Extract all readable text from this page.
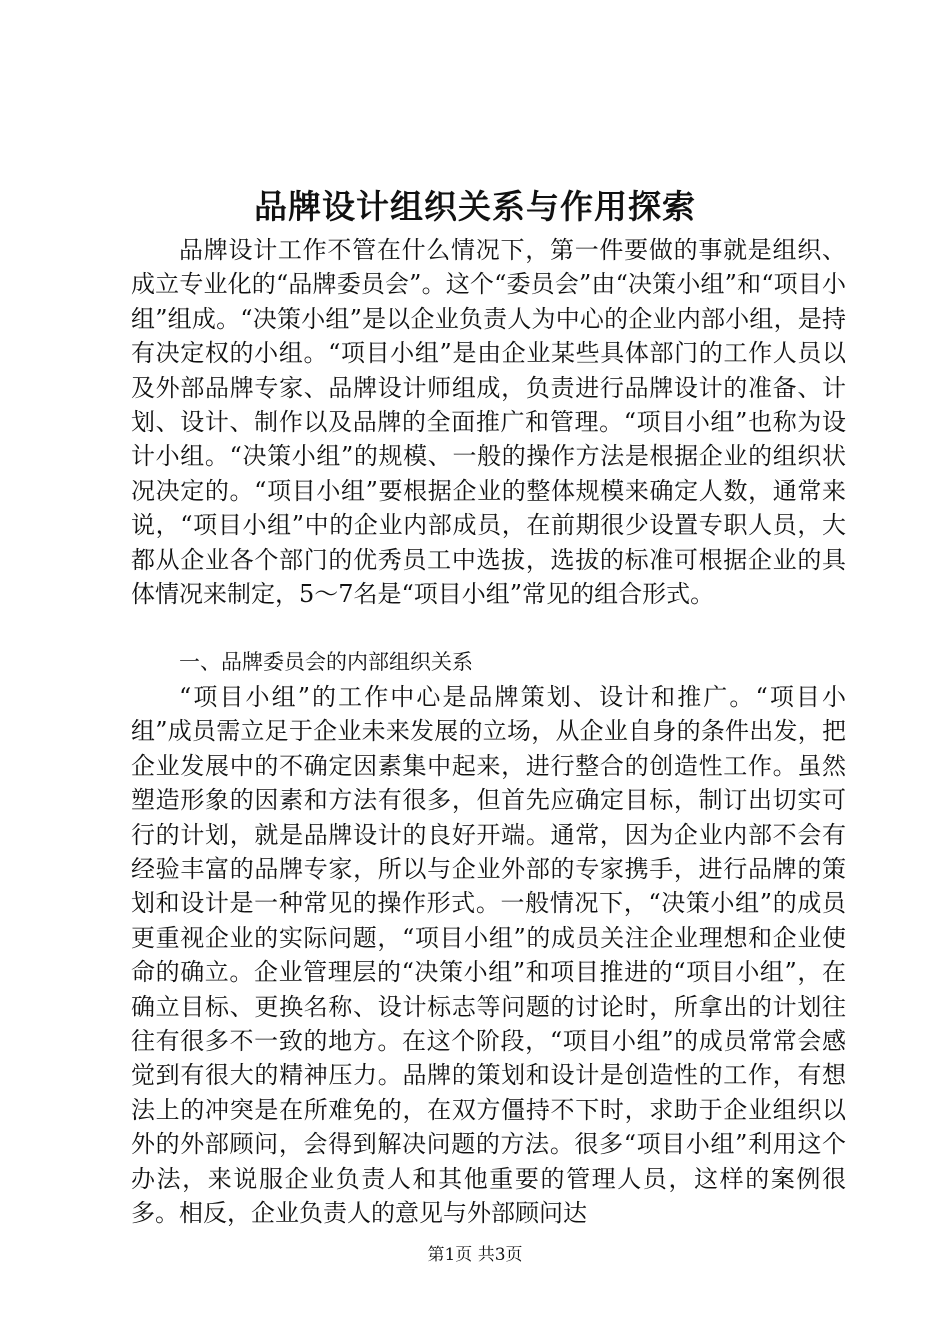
品牌设计组织关系与作用探索

品牌设计工作不管在什么情况下，第一件要做的事就是组织、成立专业化的“品牌委员会”。这个“委员会”由“决策小组”和“项目小组”组成。“决策小组”是以企业负责人为中心的企业内部小组，是持有决定权的小组。“项目小组”是由企业某些具体部门的工作人员以及外部品牌专家、品牌设计师组成，负责进行品牌设计的准备、计划、设计、制作以及品牌的全面推广和管理。“项目小组”也称为设计小组。“决策小组”的规模、一般的操作方法是根据企业的组织状况决定的。“项目小组”要根据企业的整体规模来确定人数，通常来说，“项目小组”中的企业内部成员，在前期很少设置专职人员，大都从企业各个部门的优秀员工中选拔，选拔的标准可根据企业的具体情况来制定，5～7名是“项目小组”常见的组合形式。

一、品牌委员会的内部组织关系

“项目小组”的工作中心是品牌策划、设计和推广。“项目小组”成员需立足于企业未来发展的立场，从企业自身的条件出发，把企业发展中的不确定因素集中起来，进行整合的创造性工作。虽然塑造形象的因素和方法有很多，但首先应确定目标，制订出切实可行的计划，就是品牌设计的良好开端。通常，因为企业内部不会有经验丰富的品牌专家，所以与企业外部的专家携手，进行品牌的策划和设计是一种常见的操作形式。一般情况下，“决策小组”的成员更重视企业的实际问题，“项目小组”的成员关注企业理想和企业使命的确立。企业管理层的“决策小组”和项目推进的“项目小组”，在确立目标、更换名称、设计标志等问题的讨论时，所拿出的计划往往有很多不一致的地方。在这个阶段，“项目小组”的成员常常会感觉到有很大的精神压力。品牌的策划和设计是创造性的工作，有想法上的冲突是在所难免的，在双方僵持不下时，求助于企业组织以外的外部顾问，会得到解决问题的方法。很多“项目小组”利用这个办法，来说服企业负责人和其他重要的管理人员，这样的案例很多。相反，企业负责人的意见与外部顾问达

第1页 共3页
